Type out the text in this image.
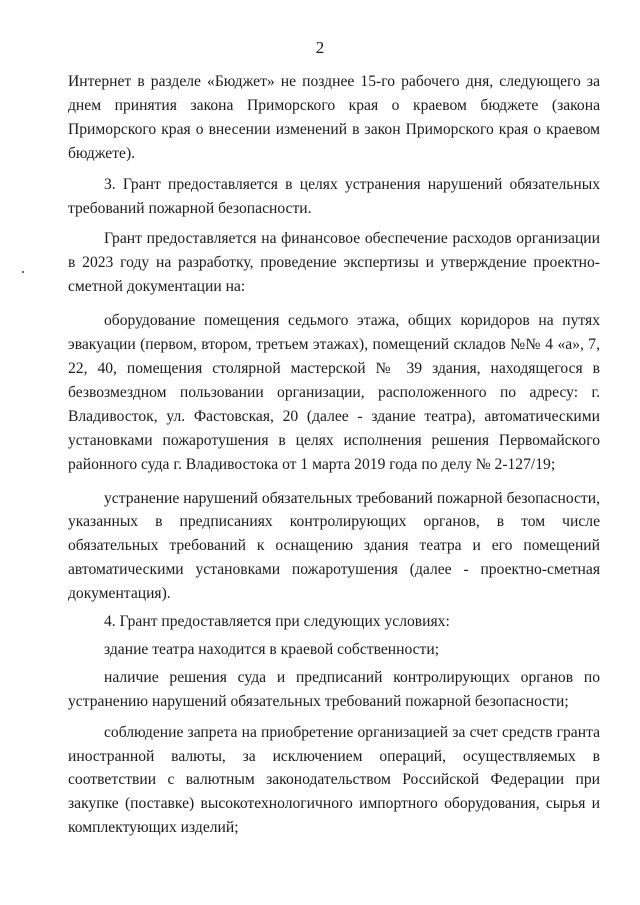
2

Интернет в разделе «Бюджет» не позднее 15-го рабочего дня, следующего за днем принятия закона Приморского края о краевом бюджете (закона Приморского края о внесении изменений в закон Приморского края о краевом бюджете).

3. Грант предоставляется в целях устранения нарушений обязательных требований пожарной безопасности.

Грант предоставляется на финансовое обеспечение расходов организации в 2023 году на разработку, проведение экспертизы и утверждение проектно-сметной документации на:

оборудование помещения седьмого этажа, общих коридоров на путях эвакуации (первом, втором, третьем этажах), помещений складов №№ 4 «а», 7, 22, 40, помещения столярной мастерской № 39 здания, находящегося в безвозмездном пользовании организации, расположенного по адресу: г. Владивосток, ул. Фастовская, 20 (далее - здание театра), автоматическими установками пожаротушения в целях исполнения решения Первомайского районного суда г. Владивостока от 1 марта 2019 года по делу № 2-127/19;

устранение нарушений обязательных требований пожарной безопасности, указанных в предписаниях контролирующих органов, в том числе обязательных требований к оснащению здания театра и его помещений автоматическими установками пожаротушения (далее - проектно-сметная документация).

4. Грант предоставляется при следующих условиях:

здание театра находится в краевой собственности;

наличие решения суда и предписаний контролирующих органов по устранению нарушений обязательных требований пожарной безопасности;

соблюдение запрета на приобретение организацией за счет средств гранта иностранной валюты, за исключением операций, осуществляемых в соответствии с валютным законодательством Российской Федерации при закупке (поставке) высокотехнологичного импортного оборудования, сырья и комплектующих изделий;
